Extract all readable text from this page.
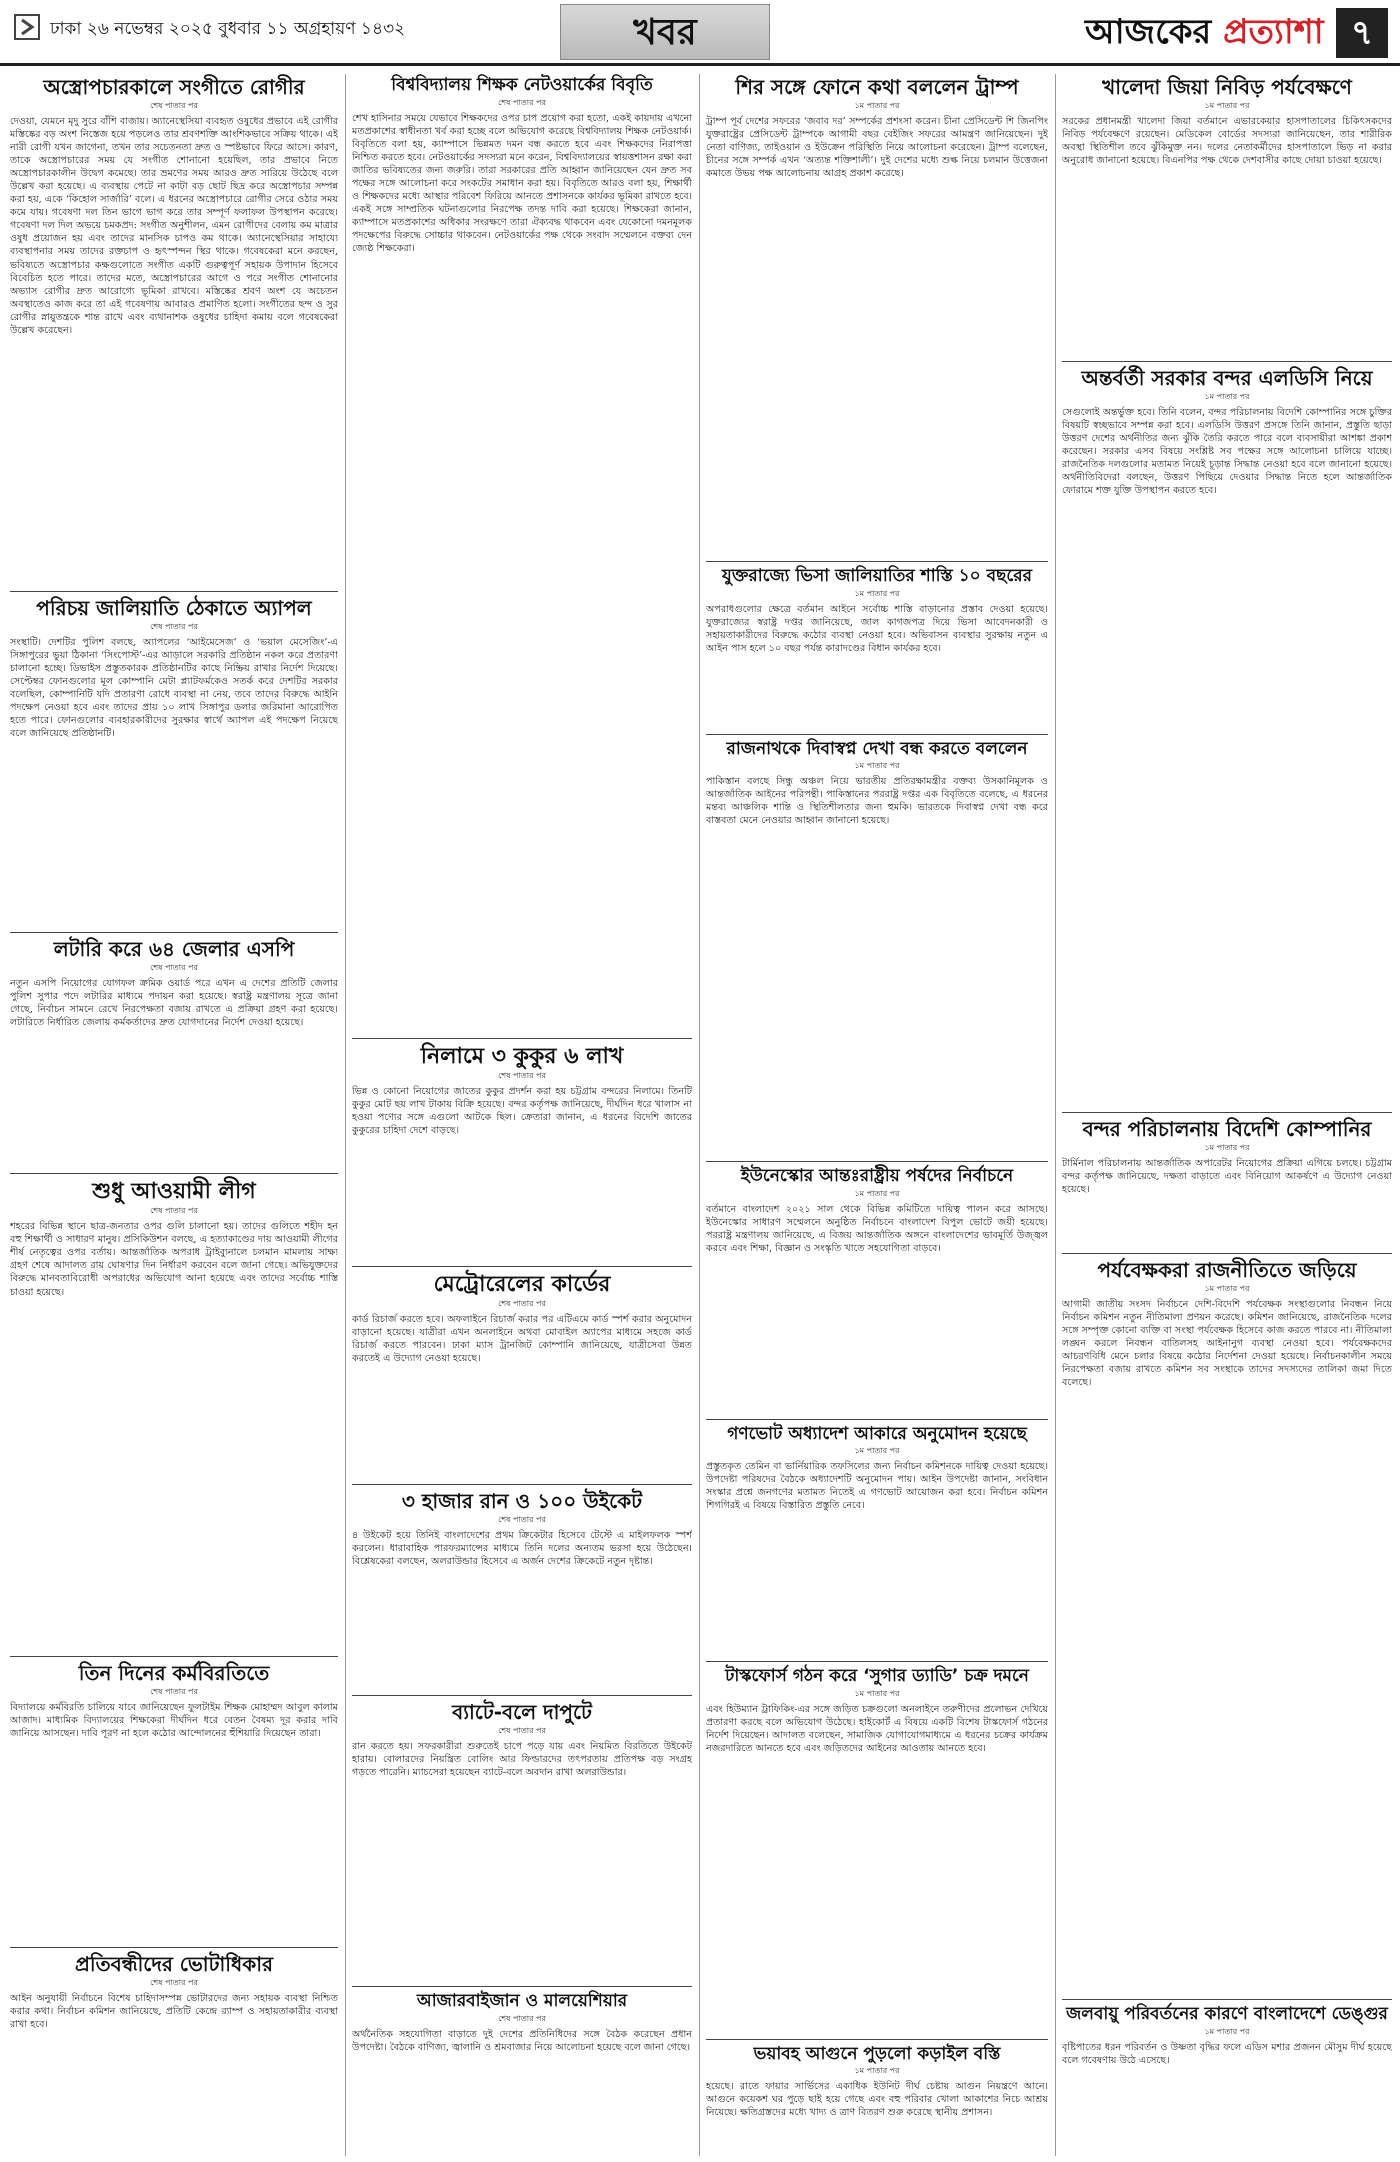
ঢাকা ২৬ নভেম্বর ২০২৫ বুধবার ১১ অগ্রহায়ণ ১৪৩২	খবর	আজকের প্রত্যাশা ৭
অস্ত্রোপচারকালে সংগীতে রোগীর
শেষ পাতার পর
দেওয়া, যেমনে মৃদু সুরে বাঁশি বাজায়। অ্যানেস্থেসিয়া ব্যবহৃত ওষুধের প্রভাবে এই রোগীর মস্তিষ্কের বড় অংশ নিস্তেজ হয়ে পড়লেও তার শ্রবণশক্তি আংশিকভাবে সক্রিয় থাকে। এই নারী রোগী যখন জাগেনা, তখন তার সচেতনতা দ্রুত ও স্পষ্টভাবে ফিরে আসে। কারণ, তাকে অস্ত্রোপচারের সময় যে সংগীত শোনানো হয়েছিল, তার প্রভাবে নিতে অস্ত্রোপচারকালীন উদ্বেগ কমেছে। তার ভ্রমণের সময় আরও দ্রুত সারিয়ে উঠেছে বলে উল্লেখ করা হয়েছে। এ ব্যবস্থায় পেটে না কাটা বড় ছোট ছিদ্র করে অস্ত্রোপচার সম্পন্ন করা হয়, একে ‘কিহোল সার্জারি’ বলে। এ ধরনের অস্ত্রোপচারে রোগীর সেরে ওঠার সময় কমে যায়। গবেষণা দল তিন ভাগে ভাগ করে তার সম্পূর্ণ ফলাফল উপস্থাপন করেছে। গবেষণা দল দিল অভয়ে চমকপ্রদ: সংগীত অনুশীলন, এমন রোগীদের বেলায় কম মাত্রার ওষুধ প্রয়োজন হয় এবং তাদের মানসিক চাপও কম থাকে। অ্যানেস্থেসিয়ার সাহায্যে ব্যবস্থাপনার সময় তাদের রক্তচাপ ও হৃৎস্পন্দন স্থির থাকে। গবেষকেরা মনে করছেন, ভবিষ্যতে অস্ত্রোপচার কক্ষগুলোতে সংগীত একটি গুরুত্বপূর্ণ সহায়ক উপাদান হিসেবে বিবেচিত হতে পারে। তাদের মতে, অস্ত্রোপচারের আগে ও পরে সংগীত শোনানোর অভ্যাস রোগীর দ্রুত আরোগ্যে ভূমিকা রাখবে। মস্তিষ্কের শ্রবণ অংশ যে অচেতন অবস্থাতেও কাজ করে তা এই গবেষণায় আবারও প্রমাণিত হলো। সংগীতের ছন্দ ও সুর রোগীর স্নায়ুতন্ত্রকে শান্ত রাখে এবং ব্যথানাশক ওষুধের চাহিদা কমায় বলে গবেষকেরা উল্লেখ করেছেন।
পরিচয় জালিয়াতি ঠেকাতে অ্যাপল
শেষ পাতার পর
সংস্থাটি। দেশটির পুলিশ বলছে, অ্যাপলের ‘আইমেসেজ’ ও ‘ভয়াল মেসেজিং’-এ সিঙ্গাপুরের ভুয়া ঠিকানা ‘সিংপোস্ট’-এর আড়ালে সরকারি প্রতিষ্ঠান নকল করে প্রতারণা চালানো হচ্ছে। ডিভাইস প্রস্তুতকারক প্রতিষ্ঠানটির কাছে নিষ্ক্রিয় রাখার নির্দেশ দিয়েছে। সেপ্টেম্বর ফোনগুলোর মূল কোম্পানি মেটা প্ল্যাটফর্মকেও সতর্ক করে দেশটির সরকার বলেছিল, কোম্পানিটি যদি প্রতারণা রোধে ব্যবস্থা না নেয়, তবে তাদের বিরুদ্ধে আইনি পদক্ষেপ নেওয়া হবে এবং তাদের প্রায় ১০ লাখ সিঙ্গাপুর ডলার জরিমানা আরোপিত হতে পারে। ফোনগুলোর ব্যবহারকারীদের সুরক্ষার স্বার্থে অ্যাপল এই পদক্ষেপ নিয়েছে বলে জানিয়েছে প্রতিষ্ঠানটি।
লটারি করে ৬৪ জেলার এসপি
শেষ পাতার পর
নতুন এসপি নিয়োগের যোগফল ক্রমিক ওয়ার্ড পরে এখন এ দেশের প্রতিটি জেলার পুলিশ সুপার পদে লটারির মাধ্যমে পদায়ন করা হয়েছে। স্বরাষ্ট্র মন্ত্রণালয় সূত্রে জানা গেছে, নির্বাচন সামনে রেখে নিরপেক্ষতা বজায় রাখতে এ প্রক্রিয়া গ্রহণ করা হয়েছে। লটারিতে নির্ধারিত জেলায় কর্মকর্তাদের দ্রুত যোগদানের নির্দেশ দেওয়া হয়েছে।
শুধু আওয়ামী লীগ
শেষ পাতার পর
শহরের বিভিন্ন স্থানে ছাত্র-জনতার ওপর গুলি চালানো হয়। তাদের গুলিতে শহীদ হন বহু শিক্ষার্থী ও সাধারণ মানুষ। প্রসিকিউশন বলছে, এ হত্যাকাণ্ডের দায় আওয়ামী লীগের শীর্ষ নেতৃত্বের ওপর বর্তায়। আন্তর্জাতিক অপরাধ ট্রাইব্যুনালে চলমান মামলায় সাক্ষ্য গ্রহণ শেষে আদালত রায় ঘোষণার দিন নির্ধারণ করবেন বলে জানা গেছে। অভিযুক্তদের বিরুদ্ধে মানবতাবিরোধী অপরাধের অভিযোগ আনা হয়েছে এবং তাদের সর্বোচ্চ শাস্তি চাওয়া হয়েছে।
তিন দিনের কর্মবিরতিতে
শেষ পাতার পর
বিদ্যালয়ে কর্মবিরতি চালিয়ে যাবে জানিয়েছেন ফুলটাইম শিক্ষক মোহাম্মদ আবুল কালাম আজাদ। মাধ্যমিক বিদ্যালয়ের শিক্ষকেরা দীর্ঘদিন ধরে বেতন বৈষম্য দূর করার দাবি জানিয়ে আসছেন। দাবি পূরণ না হলে কঠোর আন্দোলনের হুঁশিয়ারি দিয়েছেন তারা।
প্রতিবন্ধীদের ভোটাধিকার
শেষ পাতার পর
আইন অনুযায়ী নির্বাচনে বিশেষ চাহিদাসম্পন্ন ভোটারদের জন্য সহায়ক ব্যবস্থা নিশ্চিত করার কথা। নির্বাচন কমিশন জানিয়েছে, প্রতিটি কেন্দ্রে র‍্যাম্প ও সহায়তাকারীর ব্যবস্থা রাখা হবে।
বিশ্ববিদ্যালয় শিক্ষক নেটওয়ার্কের বিবৃতি
শেষ পাতার পর
শেখ হাসিনার সময়ে যেভাবে শিক্ষকদের ওপর চাপ প্রয়োগ করা হতো, একই কায়দায় এখনো মতপ্রকাশের স্বাধীনতা খর্ব করা হচ্ছে বলে অভিযোগ করেছে বিশ্ববিদ্যালয় শিক্ষক নেটওয়ার্ক। বিবৃতিতে বলা হয়, ক্যাম্পাসে ভিন্নমত দমন বন্ধ করতে হবে এবং শিক্ষকদের নিরাপত্তা নিশ্চিত করতে হবে। নেটওয়ার্কের সদস্যরা মনে করেন, বিশ্ববিদ্যালয়ের স্বায়ত্তশাসন রক্ষা করা জাতির ভবিষ্যতের জন্য জরুরি। তারা সরকারের প্রতি আহ্বান জানিয়েছেন যেন দ্রুত সব পক্ষের সঙ্গে আলোচনা করে সংকটের সমাধান করা হয়। বিবৃতিতে আরও বলা হয়, শিক্ষার্থী ও শিক্ষকদের মধ্যে আস্থার পরিবেশ ফিরিয়ে আনতে প্রশাসনকে কার্যকর ভূমিকা রাখতে হবে। একই সঙ্গে সাম্প্রতিক ঘটনাগুলোর নিরপেক্ষ তদন্ত দাবি করা হয়েছে। শিক্ষকেরা জানান, ক্যাম্পাসে মতপ্রকাশের অধিকার সংরক্ষণে তারা ঐক্যবদ্ধ থাকবেন এবং যেকোনো দমনমূলক পদক্ষেপের বিরুদ্ধে সোচ্চার থাকবেন। নেটওয়ার্কের পক্ষ থেকে সংবাদ সম্মেলনে বক্তব্য দেন জ্যেষ্ঠ শিক্ষকেরা।
নিলামে ৩ কুকুর ৬ লাখ
শেষ পাতার পর
ভিন্ন ও কোনো নিয়োগের জাতের কুকুর প্রদর্শন করা হয় চট্টগ্রাম বন্দরের নিলামে। তিনটি কুকুর মোট ছয় লাখ টাকায় বিক্রি হয়েছে। বন্দর কর্তৃপক্ষ জানিয়েছে, দীর্ঘদিন ধরে খালাস না হওয়া পণ্যের সঙ্গে এগুলো আটকে ছিল। ক্রেতারা জানান, এ ধরনের বিদেশি জাতের কুকুরের চাহিদা দেশে বাড়ছে।
মেট্রোরেলের কার্ডের
শেষ পাতার পর
কার্ড রিচার্জ করতে হবে। অফলাইনে রিচার্জ করার পর এটিএমে কার্ড স্পর্শ করার অনুমোদন বাড়ানো হয়েছে। যাত্রীরা এখন অনলাইনে অথবা মোবাইল অ্যাপের মাধ্যমে সহজে কার্ড রিচার্জ করতে পারবেন। ঢাকা ম্যাস ট্রানজিট কোম্পানি জানিয়েছে, যাত্রীসেবা উন্নত করতেই এ উদ্যোগ নেওয়া হয়েছে।
৩ হাজার রান ও ১০০ উইকেট
শেষ পাতার পর
৪ উইকেট হয়ে তিনিই বাংলাদেশের প্রথম ক্রিকেটার হিসেবে টেস্টে এ মাইলফলক স্পর্শ করলেন। ধারাবাহিক পারফরম্যান্সের মাধ্যমে তিনি দলের অন্যতম ভরসা হয়ে উঠেছেন। বিশ্লেষকেরা বলছেন, অলরাউন্ডার হিসেবে এ অর্জন দেশের ক্রিকেটে নতুন দৃষ্টান্ত।
ব্যাটে-বলে দাপুটে
শেষ পাতার পর
রান করতে হয়। সফরকারীরা শুরুতেই চাপে পড়ে যায় এবং নিয়মিত বিরতিতে উইকেট হারায়। বোলারদের নিয়ন্ত্রিত বোলিং আর ফিল্ডারদের তৎপরতায় প্রতিপক্ষ বড় সংগ্রহ গড়তে পারেনি। ম্যাচসেরা হয়েছেন ব্যাটে-বলে অবদান রাখা অলরাউন্ডার।
আজারবাইজান ও মালয়েশিয়ার
শেষ পাতার পর
অর্থনৈতিক সহযোগিতা বাড়াতে দুই দেশের প্রতিনিধিদের সঙ্গে বৈঠক করেছেন প্রধান উপদেষ্টা। বৈঠকে বাণিজ্য, জ্বালানি ও শ্রমবাজার নিয়ে আলোচনা হয়েছে বলে জানা গেছে।
শির সঙ্গে ফোনে কথা বললেন ট্রাম্প
১ম পাতার পর
ট্রাম্প পূর্ব দেশের সফরের ‘জবাব দর’ সম্পর্কের প্রশংসা করেন। চীনা প্রেসিডেন্ট শি জিনপিং যুক্তরাষ্ট্রের প্রেসিডেন্ট ট্রাম্পকে আগামী বছর বেইজিং সফরের আমন্ত্রণ জানিয়েছেন। দুই নেতা বাণিজ্য, তাইওয়ান ও ইউক্রেন পরিস্থিতি নিয়ে আলোচনা করেছেন। ট্রাম্প বলেছেন, চীনের সঙ্গে সম্পর্ক এখন ‘অত্যন্ত শক্তিশালী’। দুই দেশের মধ্যে শুল্ক নিয়ে চলমান উত্তেজনা কমাতে উভয় পক্ষ আলোচনায় আগ্রহ প্রকাশ করেছে।
যুক্তরাজ্যে ভিসা জালিয়াতির শাস্তি ১০ বছরের
১ম পাতার পর
অপরাধগুলোর ক্ষেত্রে বর্তমান আইনে সর্বোচ্চ শাস্তি বাড়ানোর প্রস্তাব দেওয়া হয়েছে। যুক্তরাজ্যের স্বরাষ্ট্র দপ্তর জানিয়েছে, জাল কাগজপত্র দিয়ে ভিসা আবেদনকারী ও সহায়তাকারীদের বিরুদ্ধে কঠোর ব্যবস্থা নেওয়া হবে। অভিবাসন ব্যবস্থার সুরক্ষায় নতুন এ আইন পাস হলে ১০ বছর পর্যন্ত কারাদণ্ডের বিধান কার্যকর হবে।
রাজনাথকে দিবাস্বপ্ন দেখা বন্ধ করতে বললেন
১ম পাতার পর
পাকিস্তান বলছে সিন্ধু অঞ্চল নিয়ে ভারতীয় প্রতিরক্ষামন্ত্রীর বক্তব্য উসকানিমূলক ও আন্তর্জাতিক আইনের পরিপন্থী। পাকিস্তানের পররাষ্ট্র দপ্তর এক বিবৃতিতে বলেছে, এ ধরনের মন্তব্য আঞ্চলিক শান্তি ও স্থিতিশীলতার জন্য হুমকি। ভারতকে দিবাস্বপ্ন দেখা বন্ধ করে বাস্তবতা মেনে নেওয়ার আহ্বান জানানো হয়েছে।
ইউনেস্কোর আন্তঃরাষ্ট্রীয় পর্ষদের নির্বাচনে
১ম পাতার পর
বর্তমানে বাংলাদেশ ২০২১ সাল থেকে বিভিন্ন কমিটিতে দায়িত্ব পালন করে আসছে। ইউনেস্কোর সাধারণ সম্মেলনে অনুষ্ঠিত নির্বাচনে বাংলাদেশ বিপুল ভোটে জয়ী হয়েছে। পররাষ্ট্র মন্ত্রণালয় জানিয়েছে, এ বিজয় আন্তর্জাতিক অঙ্গনে বাংলাদেশের ভাবমূর্তি উজ্জ্বল করবে এবং শিক্ষা, বিজ্ঞান ও সংস্কৃতি খাতে সহযোগিতা বাড়বে।
গণভোট অধ্যাদেশ আকারে অনুমোদন হয়েছে
১ম পাতার পর
প্রস্তুতকৃত তেমিন বা ভার্নিয়ারিক তফসিলের জন্য নির্বাচন কমিশনকে দায়িত্ব দেওয়া হয়েছে। উপদেষ্টা পরিষদের বৈঠকে অধ্যাদেশটি অনুমোদন পায়। আইন উপদেষ্টা জানান, সংবিধান সংস্কার প্রশ্নে জনগণের মতামত নিতেই এ গণভোট আয়োজন করা হবে। নির্বাচন কমিশন শিগগিরই এ বিষয়ে বিস্তারিত প্রস্তুতি নেবে।
টাস্কফোর্স গঠন করে ‘সুগার ড্যাডি’ চক্র দমনে
১ম পাতার পর
এবং হিউম্যান ট্রাফিকিং-এর সঙ্গে জড়িত চক্রগুলো অনলাইনে তরুণীদের প্রলোভন দেখিয়ে প্রতারণা করছে বলে অভিযোগ উঠেছে। হাইকোর্ট এ বিষয়ে একটি বিশেষ টাস্কফোর্স গঠনের নির্দেশ দিয়েছেন। আদালত বলেছেন, সামাজিক যোগাযোগমাধ্যমে এ ধরনের চক্রের কার্যক্রম নজরদারিতে আনতে হবে এবং জড়িতদের আইনের আওতায় আনতে হবে।
ভয়াবহ আগুনে পুড়লো কড়াইল বস্তি
১ম পাতার পর
হয়েছে। রাতে ফায়ার সার্ভিসের একাধিক ইউনিট দীর্ঘ চেষ্টায় আগুন নিয়ন্ত্রণে আনে। আগুনে কয়েকশ ঘর পুড়ে ছাই হয়ে গেছে এবং বহু পরিবার খোলা আকাশের নিচে আশ্রয় নিয়েছে। ক্ষতিগ্রস্তদের মধ্যে খাদ্য ও ত্রাণ বিতরণ শুরু করেছে স্থানীয় প্রশাসন।
খালেদা জিয়া নিবিড় পর্যবেক্ষণে
১ম পাতার পর
সরকের প্রধানমন্ত্রী খালেদা জিয়া বর্তমানে এভারকেয়ার হাসপাতালের চিকিৎসকদের নিবিড় পর্যবেক্ষণে রয়েছেন। মেডিকেল বোর্ডের সদস্যরা জানিয়েছেন, তার শারীরিক অবস্থা স্থিতিশীল তবে ঝুঁকিমুক্ত নন। দলের নেতাকর্মীদের হাসপাতালে ভিড় না করার অনুরোধ জানানো হয়েছে। বিএনপির পক্ষ থেকে দেশবাসীর কাছে দোয়া চাওয়া হয়েছে।
অন্তর্বর্তী সরকার বন্দর এলডিসি নিয়ে
১ম পাতার পর
সেগুলোই অন্তর্ভুক্ত হবে। তিনি বলেন, বন্দর পরিচালনায় বিদেশি কোম্পানির সঙ্গে চুক্তির বিষয়টি স্বচ্ছভাবে সম্পন্ন করা হবে। এলডিসি উত্তরণ প্রসঙ্গে তিনি জানান, প্রস্তুতি ছাড়া উত্তরণ দেশের অর্থনীতির জন্য ঝুঁকি তৈরি করতে পারে বলে ব্যবসায়ীরা আশঙ্কা প্রকাশ করেছেন। সরকার এসব বিষয়ে সংশ্লিষ্ট সব পক্ষের সঙ্গে আলোচনা চালিয়ে যাচ্ছে। রাজনৈতিক দলগুলোর মতামত নিয়েই চূড়ান্ত সিদ্ধান্ত নেওয়া হবে বলে জানানো হয়েছে। অর্থনীতিবিদেরা বলছেন, উত্তরণ পিছিয়ে দেওয়ার সিদ্ধান্ত নিতে হলে আন্তর্জাতিক ফোরামে শক্ত যুক্তি উপস্থাপন করতে হবে।
বন্দর পরিচালনায় বিদেশি কোম্পানির
১ম পাতার পর
টার্মিনাল পরিচালনায় আন্তর্জাতিক অপারেটর নিয়োগের প্রক্রিয়া এগিয়ে চলছে। চট্টগ্রাম বন্দর কর্তৃপক্ষ জানিয়েছে, দক্ষতা বাড়াতে এবং বিনিয়োগ আকর্ষণে এ উদ্যোগ নেওয়া হয়েছে।
পর্যবেক্ষকরা রাজনীতিতে জড়িয়ে
১ম পাতার পর
আগামী জাতীয় সংসদ নির্বাচনে দেশি-বিদেশি পর্যবেক্ষক সংস্থাগুলোর নিবন্ধন নিয়ে নির্বাচন কমিশন নতুন নীতিমালা প্রণয়ন করেছে। কমিশন জানিয়েছে, রাজনৈতিক দলের সঙ্গে সম্পৃক্ত কোনো ব্যক্তি বা সংস্থা পর্যবেক্ষক হিসেবে কাজ করতে পারবে না। নীতিমালা লঙ্ঘন করলে নিবন্ধন বাতিলসহ আইনানুগ ব্যবস্থা নেওয়া হবে। পর্যবেক্ষকদের আচরণবিধি মেনে চলার বিষয়ে কঠোর নির্দেশনা দেওয়া হয়েছে। নির্বাচনকালীন সময়ে নিরপেক্ষতা বজায় রাখতে কমিশন সব সংস্থাকে তাদের সদস্যদের তালিকা জমা দিতে বলেছে।
জলবায়ু পরিবর্তনের কারণে বাংলাদেশে ডেঙ্গুর
১ম পাতার পর
বৃষ্টিপাতের ধরন পরিবর্তন ও উষ্ণতা বৃদ্ধির ফলে এডিস মশার প্রজনন মৌসুম দীর্ঘ হয়েছে বলে গবেষণায় উঠে এসেছে।
